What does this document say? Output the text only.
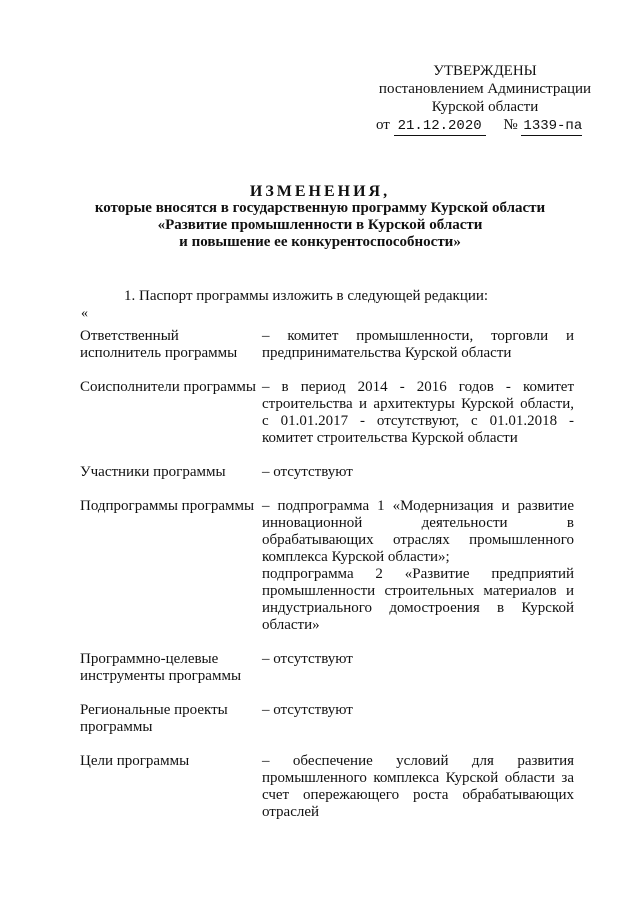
УТВЕРЖДЕНЫ
постановлением Администрации
Курской области
от 21.12.2020 № 1339-па
ИЗМЕНЕНИЯ,
которые вносятся в государственную программу Курской области
«Развитие промышленности в Курской области
и повышение ее конкурентоспособности»
1. Паспорт программы изложить в следующей редакции:
«
Ответственный исполнитель программы

– комитет промышленности, торговли и предпринимательства Курской области

Соисполнители программы – в период 2014 - 2016 годов - комитет строительства и архитектуры Курской области, с 01.01.2017 - отсутствуют, с 01.01.2018 - комитет строительства Курской области

Участники программы	– отсутствуют

Подпрограммы программы – подпрограмма 1 «Модернизация и развитие инновационной деятельности в обрабатывающих отраслях промышленного комплекса Курской области»;

подпрограмма 2 «Развитие предприятий промышленности строительных материалов и индустриального домостроения в Курской области»

Программно-целевые инструменты программы

– отсутствуют

Региональные проекты программы

– отсутствуют

Цели программы	– обеспечение условий для развития промышленного комплекса Курской области за счет опережающего роста обрабатывающих отраслей
